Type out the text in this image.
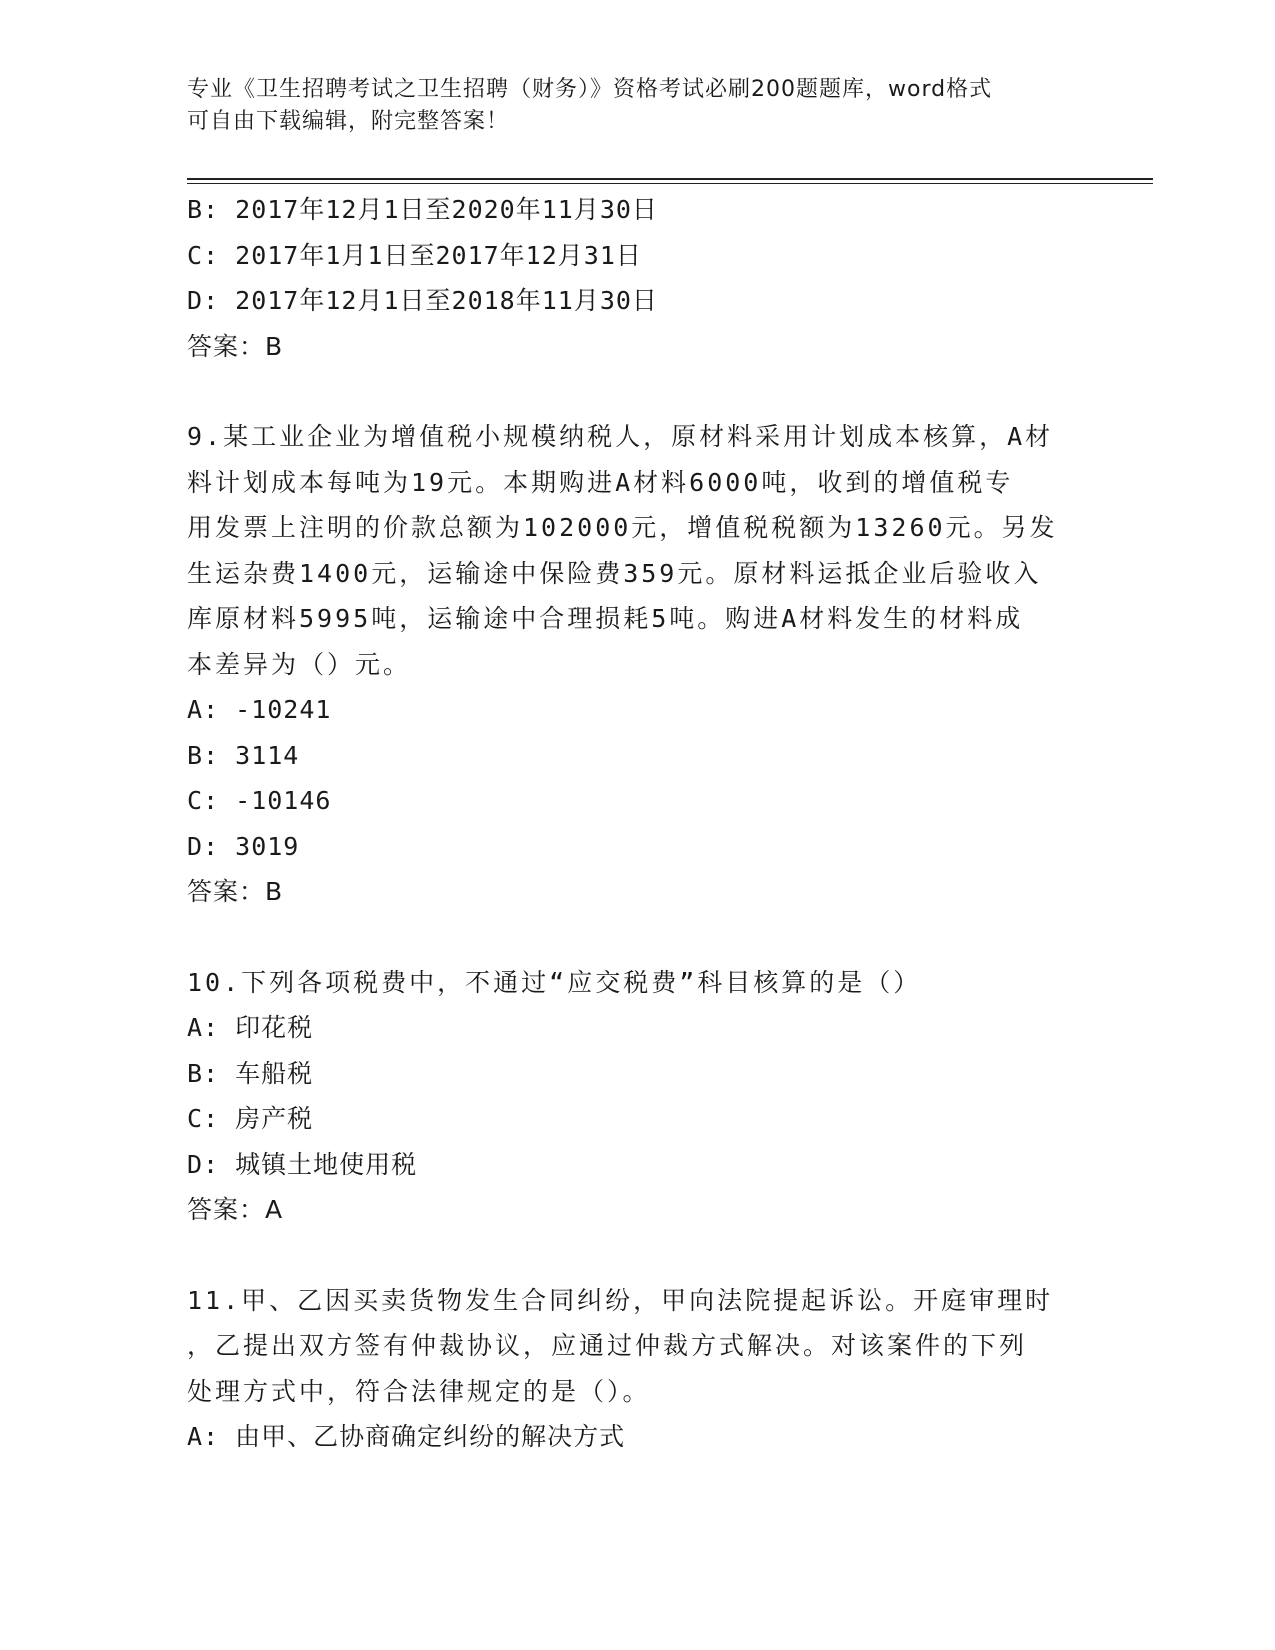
专业《卫生招聘考试之卫生招聘（财务）》资格考试必刷200题题库，word格式
可自由下载编辑，附完整答案！

B: 2017年12月1日至2020年11月30日

C: 2017年1月1日至2017年12月31日

D: 2017年12月1日至2018年11月30日

答案：B

9.某工业企业为增值税小规模纳税人，原材料采用计划成本核算，A材

料计划成本每吨为19元。本期购进A材料6000吨，收到的增值税专

用发票上注明的价款总额为102000元，增值税税额为13260元。另发

生运杂费1400元，运输途中保险费359元。原材料运抵企业后验收入

库原材料5995吨，运输途中合理损耗5吨。购进A材料发生的材料成

本差异为（）元。

A: -10241

B: 3114

C: -10146

D: 3019

答案：B

10.下列各项税费中，不通过“应交税费”科目核算的是（）

A: 印花税

B: 车船税

C: 房产税

D: 城镇土地使用税

答案：A

11.甲、乙因买卖货物发生合同纠纷，甲向法院提起诉讼。开庭审理时

，乙提出双方签有仲裁协议，应通过仲裁方式解决。对该案件的下列

处理方式中，符合法律规定的是（）。

A: 由甲、乙协商确定纠纷的解决方式
